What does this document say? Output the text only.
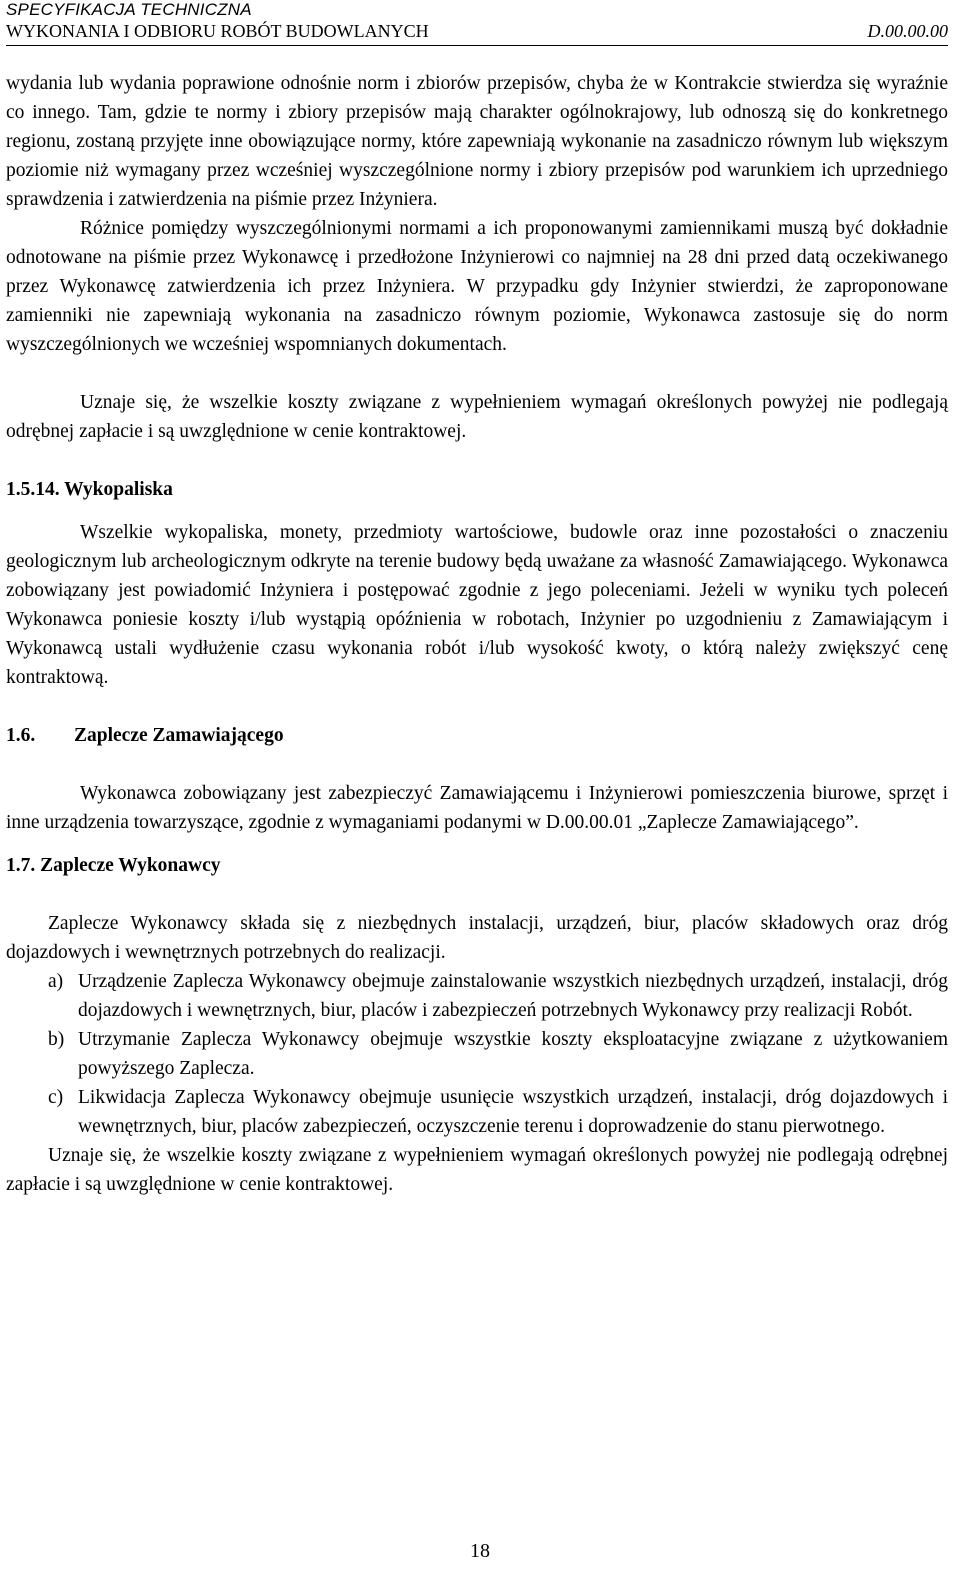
SPECYFIKACJA TECHNICZNA
WYKONANIA I ODBIORU ROBÓT BUDOWLANYCH	D.00.00.00

wydania lub wydania poprawione odnośnie norm i zbiorów przepisów, chyba że w Kontrakcie stwierdza się wyraźnie co innego. Tam, gdzie te normy i zbiory przepisów mają charakter ogólnokrajowy, lub odnoszą się do konkretnego regionu, zostaną przyjęte inne obowiązujące normy, które zapewniają wykonanie na zasadniczo równym lub większym poziomie niż wymagany przez wcześniej wyszczególnione normy i zbiory przepisów pod warunkiem ich uprzedniego sprawdzenia i zatwierdzenia na piśmie przez Inżyniera.

Różnice pomiędzy wyszczególnionymi normami a ich proponowanymi zamiennikami muszą być dokładnie odnotowane na piśmie przez Wykonawcę i przedłożone Inżynierowi co najmniej na 28 dni przed datą oczekiwanego przez Wykonawcę zatwierdzenia ich przez Inżyniera. W przypadku gdy Inżynier stwierdzi, że zaproponowane zamienniki nie zapewniają wykonania na zasadniczo równym poziomie, Wykonawca zastosuje się do norm wyszczególnionych we wcześniej wspomnianych dokumentach.

Uznaje się, że wszelkie koszty związane z wypełnieniem wymagań określonych powyżej nie podlegają odrębnej zapłacie i są uwzględnione w cenie kontraktowej.

1.5.14. Wykopaliska

Wszelkie wykopaliska, monety, przedmioty wartościowe, budowle oraz inne pozostałości o znaczeniu geologicznym lub archeologicznym odkryte na terenie budowy będą uważane za własność Zamawiającego. Wykonawca zobowiązany jest powiadomić Inżyniera i postępować zgodnie z jego poleceniami. Jeżeli w wyniku tych poleceń Wykonawca poniesie koszty i/lub wystąpią opóźnienia w robotach, Inżynier po uzgodnieniu z Zamawiającym i Wykonawcą ustali wydłużenie czasu wykonania robót i/lub wysokość kwoty, o którą należy zwiększyć cenę kontraktową.

1.6.	Zaplecze Zamawiającego

Wykonawca zobowiązany jest zabezpieczyć Zamawiającemu i Inżynierowi pomieszczenia biurowe, sprzęt i inne urządzenia towarzyszące, zgodnie z wymaganiami podanymi w D.00.00.01 „Zaplecze Zamawiającego”.

1.7. Zaplecze Wykonawcy

Zaplecze Wykonawcy składa się z niezbędnych instalacji, urządzeń, biur, placów składowych oraz dróg dojazdowych i wewnętrznych potrzebnych do realizacji.

a) Urządzenie Zaplecza Wykonawcy obejmuje zainstalowanie wszystkich niezbędnych urządzeń, instalacji, dróg dojazdowych i wewnętrznych, biur, placów i zabezpieczeń potrzebnych Wykonawcy przy realizacji Robót.
b) Utrzymanie Zaplecza Wykonawcy obejmuje wszystkie koszty eksploatacyjne związane z użytkowaniem powyższego Zaplecza.
c) Likwidacja Zaplecza Wykonawcy obejmuje usunięcie wszystkich urządzeń, instalacji, dróg dojazdowych i wewnętrznych, biur, placów zabezpieczeń, oczyszczenie terenu i doprowadzenie do stanu pierwotnego.

Uznaje się, że wszelkie koszty związane z wypełnieniem wymagań określonych powyżej nie podlegają odrębnej zapłacie i są uwzględnione w cenie kontraktowej.

18
